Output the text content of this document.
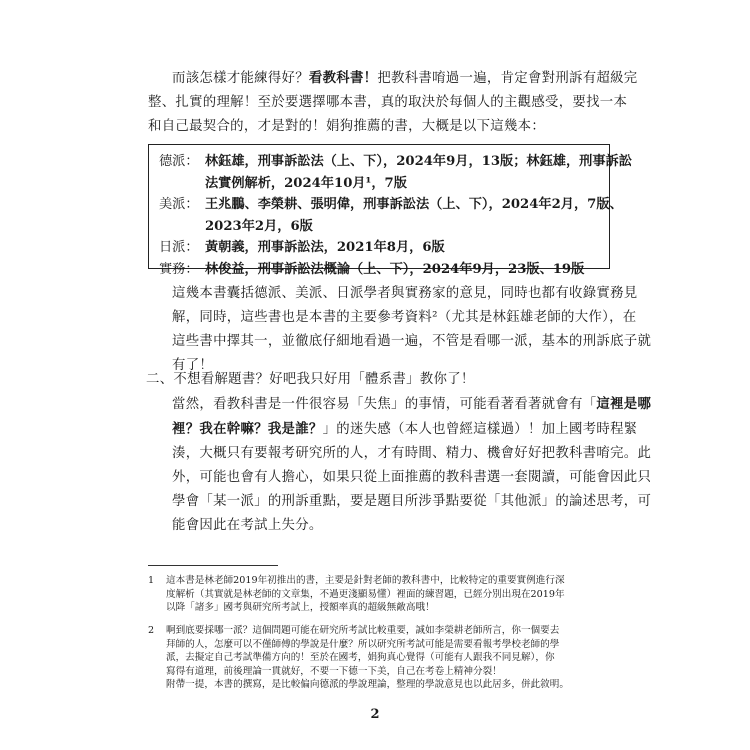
而該怎樣才能練得好？看教科書！把教科書唷過一遍，肯定會對刑訴有超級完
整、扎實的理解！至於要選擇哪本書，真的取決於每個人的主觀感受，要找一本
和自己最契合的，才是對的！娟狗推薦的書，大概是以下這幾本：

德派： 林鈺雄，刑事訴訟法（上、下），2024年9月，13版；林鈺雄，刑事訴訟
法實例解析，2024年10月¹，7版
美派： 王兆鵬、李榮耕、張明偉，刑事訴訟法（上、下），2024年2月，7版、
2023年2月，6版
日派： 黃朝義，刑事訴訟法，2021年8月，6版
實務： 林俊益，刑事訴訟法概論（上、下），2024年9月，23版、19版

這幾本書囊括德派、美派、日派學者與實務家的意見，同時也都有收錄實務見
解，同時，這些書也是本書的主要參考資料²（尤其是林鈺雄老師的大作），在
這些書中擇其一，並徹底仔細地看過一遍，不管是看哪一派，基本的刑訴底子就
有了！

二、不想看解題書？好吧我只好用「體系書」教你了！

當然，看教科書是一件很容易「失焦」的事情，可能看著看著就會有「這裡是哪
裡？我在幹嘛？我是誰？」的迷失感（本人也曾經這樣過）！加上國考時程緊
湊，大概只有要報考研究所的人，才有時間、精力、機會好好把教科書唷完。此
外，可能也會有人擔心，如果只從上面推薦的教科書選一套閱讀，可能會因此只
學會「某一派」的刑訴重點，要是題目所涉爭點要從「其他派」的論述思考，可
能會因此在考試上失分。

1	這本書是林老師2019年初推出的書，主要是針對老師的教科書中，比較特定的重要實例進行深
度解析（其實就是林老師的文章集，不過更淺顯易懂）裡面的練習題，已經分別出現在2019年
以降「諸多」國考與研究所考試上，授額率真的超級無敵高哦！
2	啊到底要採哪一派？這個問題可能在研究所考試比較重要，誠如李榮耕老師所言，你一個要去
拜師的人，怎麼可以不僅師傅的學說是什麼？所以研究所考試可能是需要看報考學校老師的學
派，去擬定自己考試準備方向的！至於在國考，娟狗真心覺得（可能有人跟我不同見解），你
寫得有道理，前後理論一貫就好，不要一下德一下美，自己在考卷上精神分裂！
附帶一提，本書的撰寫，是比較偏向德派的學說理論，整理的學說意見也以此居多，併此敘明。
2
